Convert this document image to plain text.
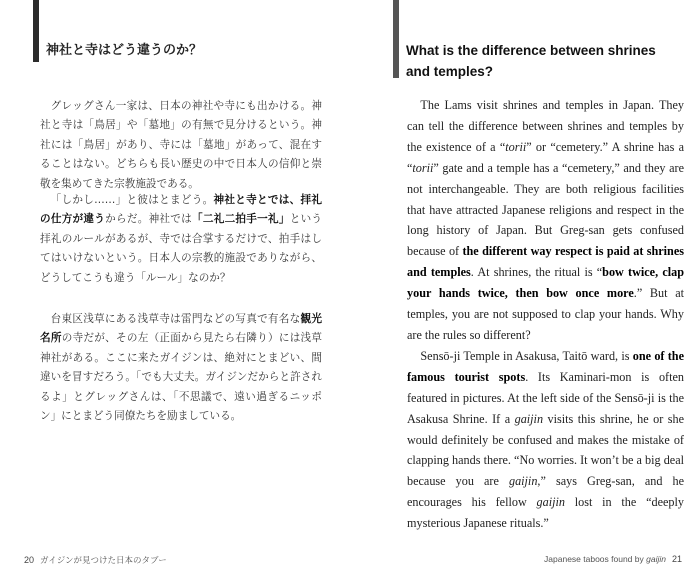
神社と寺はどう違うのか？

グレッグさん一家は、日本の神社や寺にも出かける。神社と寺は「鳥居」や「墓地」の有無で見分けるという。神社には「鳥居」があり、寺には「墓地」があって、混在することはない。どちらも長い歴史の中で日本人の信仰と崇敬を集めてきた宗教施設である。

「しかし……」と彼はとまどう。神社と寺とでは、拝礼の仕方が違うからだ。神社では「二礼二拍手一礼」という拝礼のルールがあるが、寺では合掌するだけで、拍手はしてはいけないという。日本人の宗教的施設でありながら、どうしてこうも違う「ルール」なのか？

台東区浅草にある浅草寺は雷門などの写真で有名な観光名所の寺だが、その左（正面から見たら右隣り）には浅草神社がある。ここに来たガイジンは、絶対にとまどい、間違いを冒すだろう。「でも大丈夫。ガイジンだからと許されるよ」とグレッグさんは、「不思議で、遠い過ぎるニッポン」にとまどう同僚たちを励ましている。

20 ガイジンが見つけた日本のタブー
What is the difference between shrines and temples?

The Lams visit shrines and temples in Japan. They can tell the difference between shrines and temples by the existence of a “torii” or “cemetery.” A shrine has a “torii” gate and a temple has a “cemetery,” and they are not interchangeable. They are both religious facilities that have attracted Japanese religions and respect in the long history of Japan. But Greg-san gets confused because of the different way respect is paid at shrines and temples. At shrines, the ritual is “bow twice, clap your hands twice, then bow once more.” But at temples, you are not supposed to clap your hands. Why are the rules so different?

Sensō-ji Temple in Asakusa, Taitō ward, is one of the famous tourist spots. Its Kaminari-mon is often featured in pictures. At the left side of the Sensō-ji is the Asakusa Shrine. If a gaijin visits this shrine, he or she would definitely be confused and makes the mistake of clapping hands there. “No worries. It won’t be a big deal because you are gaijin,” says Greg-san, and he encourages his fellow gaijin lost in the “deeply mysterious Japanese rituals.”

Japanese taboos found by gaijin 21
